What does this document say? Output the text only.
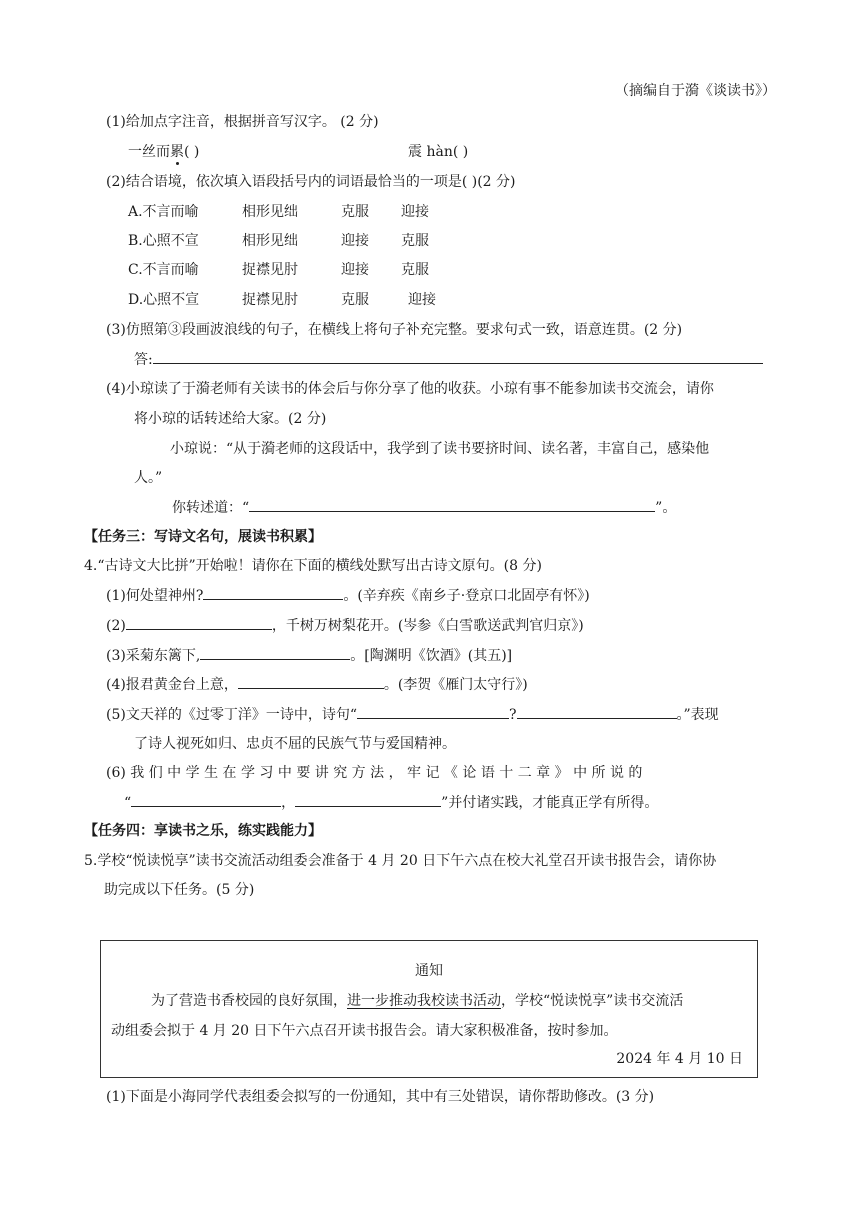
（摘编自于漪《谈读书》）
(1)给加点字注音，根据拼音写汉字。 (2 分)
一丝而累( )	震 hàn( )
(2)结合语境，依次填入语段括号内的词语最恰当的一项是( )(2 分)
A.不言而喻	相形见绌	克服 迎接
B.心照不宣	相形见绌	迎接 克服
C.不言而喻	捉襟见肘	迎接 克服
D.心照不宣	捉襟见肘	克服	迎接
(3)仿照第③段画波浪线的句子，在横线上将句子补充完整。要求句式一致，语意连贯。(2 分)
答:
(4)小琼读了于漪老师有关读书的体会后与你分享了他的收获。小琼有事不能参加读书交流会，请你
将小琼的话转述给大家。(2 分)
小琼说：“从于漪老师的这段话中，我学到了读书要挤时间、读名著，丰富自己，感染他
人。”
你转述道：“	”。
【任务三：写诗文名句，展读书积累】
4.“古诗文大比拼”开始啦！请你在下面的横线处默写出古诗文原句。(8 分)
(1)何处望神州?	。(辛弃疾《南乡子·登京口北固亭有怀》)
(2)	，千树万树梨花开。(岑参《白雪歌送武判官归京》)
(3)采菊东篱下,	。[陶渊明《饮酒》(其五)]
(4)报君黄金台上意，	。(李贺《雁门太守行》)
(5)文天祥的《过零丁洋》一诗中，诗句“	?	。”表现
了诗人视死如归、忠贞不屈的民族气节与爱国精神。
(6) 我 们 中 学 生 在 学 习 中 要 讲 究 方 法 ， 牢 记 《 论 语 十 二 章 》 中 所 说 的
“	，	”并付诸实践，才能真正学有所得。
【任务四：享读书之乐，练实践能力】
5.学校“悦读悦享”读书交流活动组委会准备于 4 月 20 日下午六点在校大礼堂召开读书报告会，请你协
助完成以下任务。(5 分)
通知
为了营造书香校园的良好氛围，进一步推动我校读书活动，学校“悦读悦享”读书交流活
动组委会拟于 4 月 20 日下午六点召开读书报告会。请大家积极准备，按时参加。
2024 年 4 月 10 日
(1)下面是小海同学代表组委会拟写的一份通知，其中有三处错误，请你帮助修改。(3 分)
